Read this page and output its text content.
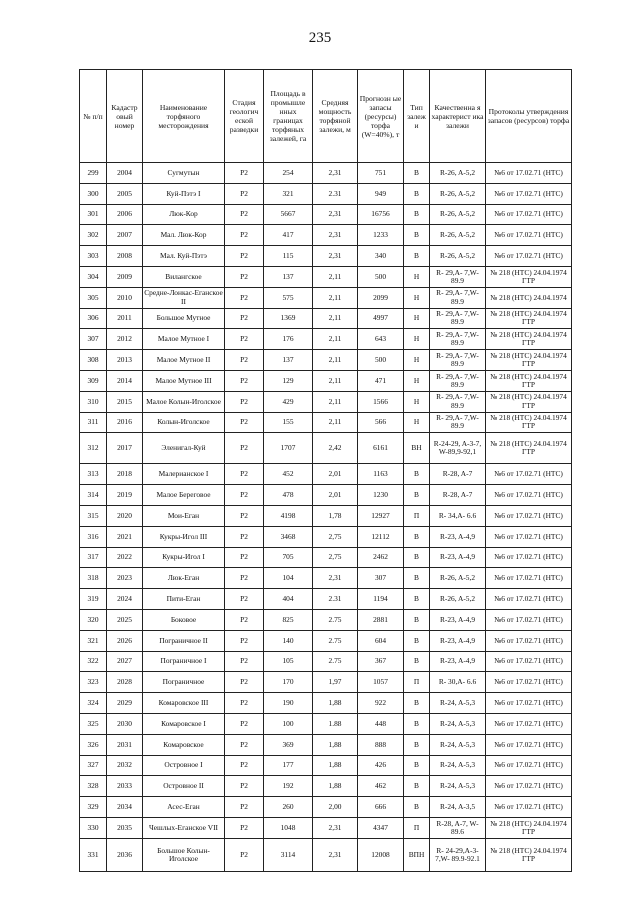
235
№ п/п	Кадастр овый номер	Наименование торфяного месторождения	Стадия геологич еской разведки	Площадь в промышле нных границах торфяных залежей, га	Средняя мощность торфяной залежи, м	Прогнозн ые запасы (ресурсы) торфа (W=40%), т	Тип залеж и	Качественна я характерист ика залежи	Протоколы утверждения запасов (ресурсов) торфа
299	2004	Сугмутын	Р2	254	2,31	751	В	R-26, A-5,2	№6 от 17.02.71 (НТС)
300	2005	Куй-Пэтэ I	Р2	321	2.31	949	В	R-26, A-5,2	№6 от 17.02.71 (НТС)
301	2006	Люк-Кор	Р2	5667	2,31	16756	В	R-26, A-5,2	№6 от 17.02.71 (НТС)
302	2007	Мал. Люк-Кор	Р2	417	2,31	1233	В	R-26, A-5,2	№6 от 17.02.71 (НТС)
303	2008	Мал. Куй-Пэтэ	Р2	115	2,31	340	В	R-26, A-5,2	№6 от 17.02.71 (НТС)
304	2009	Вилангское	Р2	137	2,11	500	Н	R- 29,A- 7,W- 89.9	№ 218 (НТС) 24.04.1974 ГТР
305	2010	Средне-Лонкас-Еганское II	Р2	575	2,11	2099	Н	R- 29,A- 7,W- 89.9	№ 218 (НТС) 24.04.1974
306	2011	Большое Мутное	Р2	1369	2,11	4997	Н	R- 29,A- 7,W- 89.9	№ 218 (НТС) 24.04.1974 ГТР
307	2012	Малое Мутное I	Р2	176	2,11	643	Н	R- 29,A- 7,W- 89.9	№ 218 (НТС) 24.04.1974 ГТР
308	2013	Малое Мутное II	Р2	137	2,11	500	Н	R- 29,A- 7,W- 89.9	№ 218 (НТС) 24.04.1974 ГТР
309	2014	Малое Мутное III	Р2	129	2,11	471	Н	R- 29,A- 7,W- 89.9	№ 218 (НТС) 24.04.1974 ГТР
310	2015	Малое Колын-Иголское	Р2	429	2,11	1566	Н	R- 29,A- 7,W- 89.9	№ 218 (НТС) 24.04.1974 ГТР
311	2016	Колын-Иголское	Р2	155	2,11	566	Н	R- 29,A- 7,W- 89.9	№ 218 (НТС) 24.04.1974 ГТР
312	2017	Эленигал-Куй	Р2	1707	2,42	6161	ВН	R-24-29, A-3-7, W-89,9-92,1	№ 218 (НТС) 24.04.1974 ГТР
313	2018	Малерианское I	Р2	452	2,01	1163	В	R-28, A-7	№6 от 17.02.71 (НТС)
314	2019	Малое Береговое	Р2	478	2,01	1230	В	R-28, A-7	№6 от 17.02.71 (НТС)
315	2020	Мои-Еган	Р2	4198	1,78	12927	П	R- 34,A- 6.6	№6 от 17.02.71 (НТС)
316	2021	Кукры-Игол III	Р2	3468	2,75	12112	В	R-23, A-4,9	№6 от 17.02.71 (НТС)
317	2022	Кукры-Игол I	Р2	705	2,75	2462	В	R-23, A-4,9	№6 от 17.02.71 (НТС)
318	2023	Люк-Еган	Р2	104	2,31	307	В	R-26, A-5,2	№6 от 17.02.71 (НТС)
319	2024	Пити-Еган	Р2	404	2.31	1194	В	R-26, A-5,2	№6 от 17.02.71 (НТС)
320	2025	Боковое	Р2	825	2.75	2881	В	R-23, A-4,9	№6 от 17.02.71 (НТС)
321	2026	Пограничное II	Р2	140	2.75	604	В	R-23, A-4,9	№6 от 17.02.71 (НТС)
322	2027	Пограничное I	Р2	105	2.75	367	В	R-23, A-4,9	№6 от 17.02.71 (НТС)
323	2028	Пограничное	Р2	170	1,97	1057	П	R- 30,A- 6.6	№6 от 17.02.71 (НТС)
324	2029	Комаровское III	Р2	190	1,88	922	В	R-24, A-5,3	№6 от 17.02.71 (НТС)
325	2030	Комаровское I	Р2	100	1.88	448	В	R-24, A-5,3	№6 от 17.02.71 (НТС)
326	2031	Комаровское	Р2	369	1,88	888	В	R-24, A-5,3	№6 от 17.02.71 (НТС)
327	2032	Островное I	Р2	177	1,88	426	В	R-24, A-5,3	№6 от 17.02.71 (НТС)
328	2033	Островное II	Р2	192	1,88	462	В	R-24, A-5,3	№6 от 17.02.71 (НТС)
329	2034	Асес-Еган	Р2	260	2,00	666	В	R-24, A-3,5	№6 от 17.02.71 (НТС)
330	2035	Чешлых-Еганское VII	Р2	1048	2,31	4347	П	R-28, A-7, W- 89.6	№ 218 (НТС) 24.04.1974 ГТР
331	2036	Большое Колын-Иголское	Р2	3114	2,31	12008	ВПН	R- 24-29,A-3-7,W- 89.9-92.1	№ 218 (НТС) 24.04.1974 ГТР
